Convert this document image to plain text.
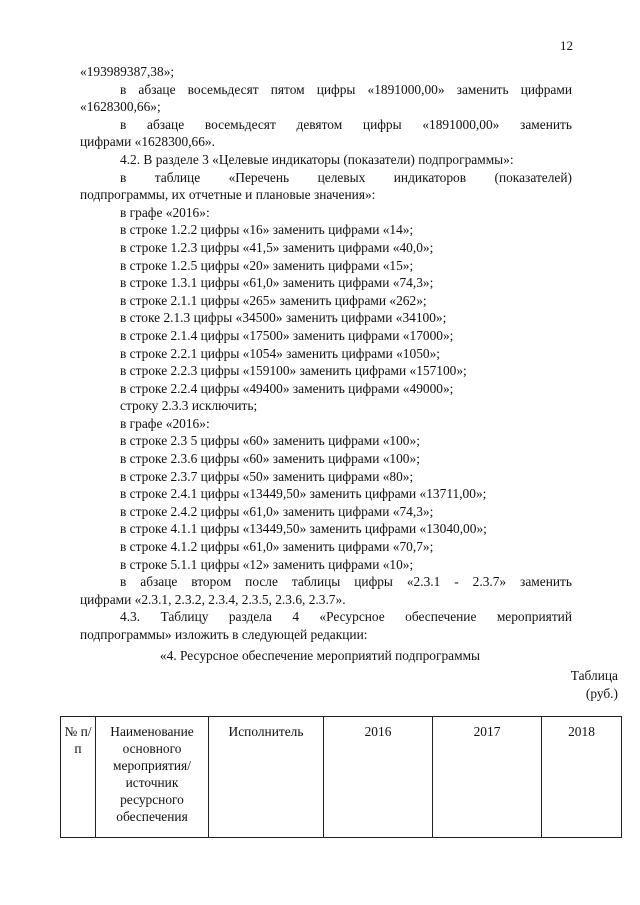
12
«193989387,38»;
в абзаце восемьдесят пятом цифры «1891000,00» заменить цифрами
«1628300,66»;
в абзаце восемьдесят девятом цифры «1891000,00» заменить
цифрами «1628300,66».
4.2. В разделе 3 «Целевые индикаторы (показатели) подпрограммы»:
в таблице «Перечень целевых индикаторов (показателей)
подпрограммы, их отчетные и плановые значения»:
в графе «2016»:
в строке 1.2.2 цифры «16» заменить цифрами «14»;
в строке 1.2.3 цифры «41,5» заменить цифрами «40,0»;
в строке 1.2.5 цифры «20» заменить цифрами «15»;
в строке 1.3.1 цифры «61,0» заменить цифрами «74,3»;
в строке 2.1.1 цифры «265» заменить цифрами «262»;
в стоке 2.1.3 цифры «34500» заменить цифрами «34100»;
в строке 2.1.4 цифры «17500» заменить цифрами «17000»;
в строке 2.2.1 цифры «1054» заменить цифрами «1050»;
в строке 2.2.3 цифры «159100» заменить цифрами «157100»;
в строке 2.2.4 цифры «49400» заменить цифрами «49000»;
строку 2.3.3 исключить;
в графе «2016»:
в строке 2.3 5 цифры «60» заменить цифрами «100»;
в строке 2.3.6 цифры «60» заменить цифрами «100»;
в строке 2.3.7 цифры «50» заменить цифрами «80»;
в строке 2.4.1 цифры «13449,50» заменить цифрами «13711,00»;
в строке 2.4.2 цифры «61,0» заменить цифрами «74,3»;
в строке 4.1.1 цифры «13449,50» заменить цифрами «13040,00»;
в строке 4.1.2 цифры «61,0» заменить цифрами «70,7»;
в строке 5.1.1 цифры «12» заменить цифрами «10»;
в абзаце втором после таблицы цифры «2.3.1 - 2.3.7» заменить
цифрами «2.3.1, 2.3.2, 2.3.4, 2.3.5, 2.3.6, 2.3.7».
4.3. Таблицу раздела 4 «Ресурсное обеспечение мероприятий
подпрограммы» изложить в следующей редакции:
«4. Ресурсное обеспечение мероприятий подпрограммы
Таблица
(руб.)
№ п/п	Наименование основного мероприятия/ источник ресурсного обеспечения	Исполнитель	2016	2017	2018
